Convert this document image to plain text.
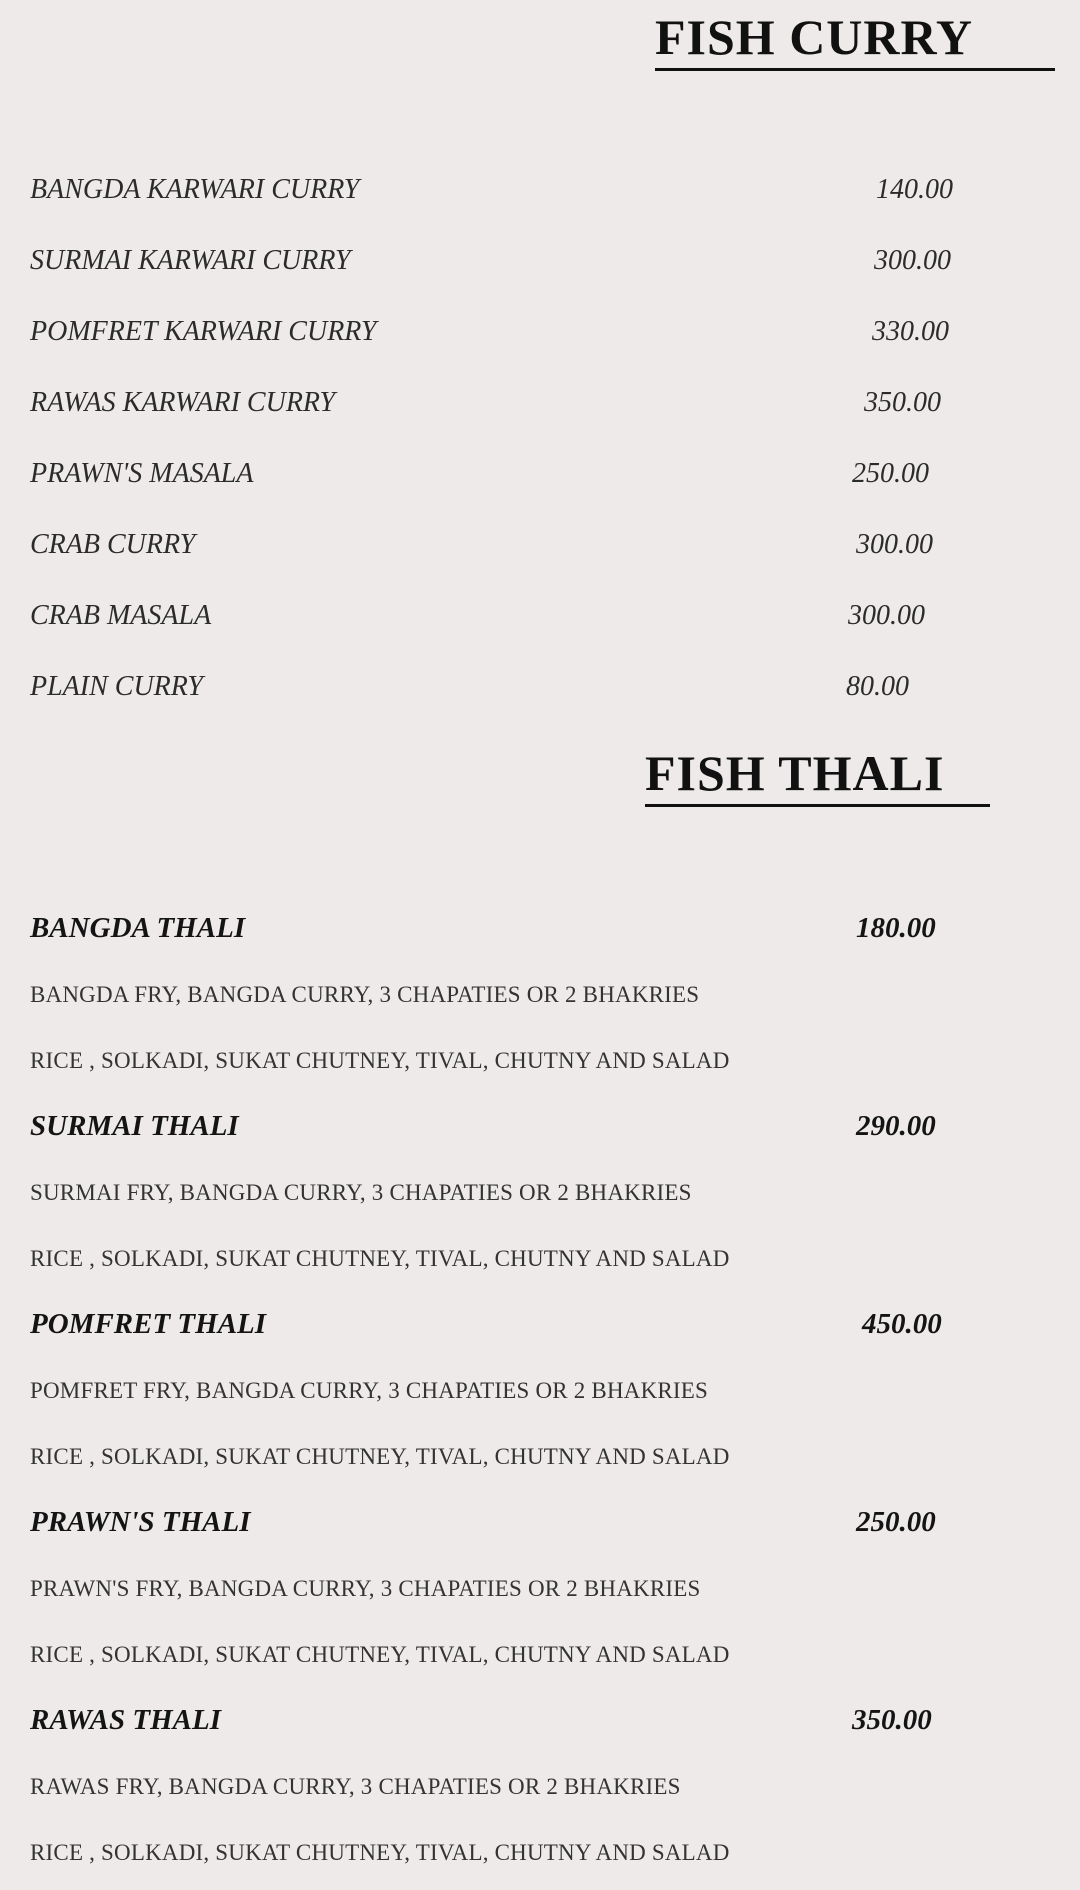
FISH CURRY
BANGDA KARWARI CURRY	140.00
SURMAI KARWARI CURRY	300.00
POMFRET KARWARI CURRY	330.00
RAWAS KARWARI CURRY	350.00
PRAWN'S MASALA	250.00
CRAB CURRY	300.00
CRAB MASALA	300.00
PLAIN CURRY	80.00
FISH THALI
BANGDA THALI	180.00
BANGDA FRY, BANGDA CURRY, 3 CHAPATIES OR 2 BHAKRIES
RICE , SOLKADI, SUKAT CHUTNEY, TIVAL, CHUTNY AND SALAD
SURMAI THALI	290.00
SURMAI FRY, BANGDA CURRY, 3 CHAPATIES OR 2 BHAKRIES
RICE , SOLKADI, SUKAT CHUTNEY, TIVAL, CHUTNY AND SALAD
POMFRET THALI	450.00
POMFRET FRY, BANGDA CURRY, 3 CHAPATIES OR 2 BHAKRIES
RICE , SOLKADI, SUKAT CHUTNEY, TIVAL, CHUTNY AND SALAD
PRAWN'S THALI	250.00
PRAWN'S FRY, BANGDA CURRY, 3 CHAPATIES OR 2 BHAKRIES
RICE , SOLKADI, SUKAT CHUTNEY, TIVAL, CHUTNY AND SALAD
RAWAS THALI	350.00
RAWAS FRY, BANGDA CURRY, 3 CHAPATIES OR 2 BHAKRIES
RICE , SOLKADI, SUKAT CHUTNEY, TIVAL, CHUTNY AND SALAD
